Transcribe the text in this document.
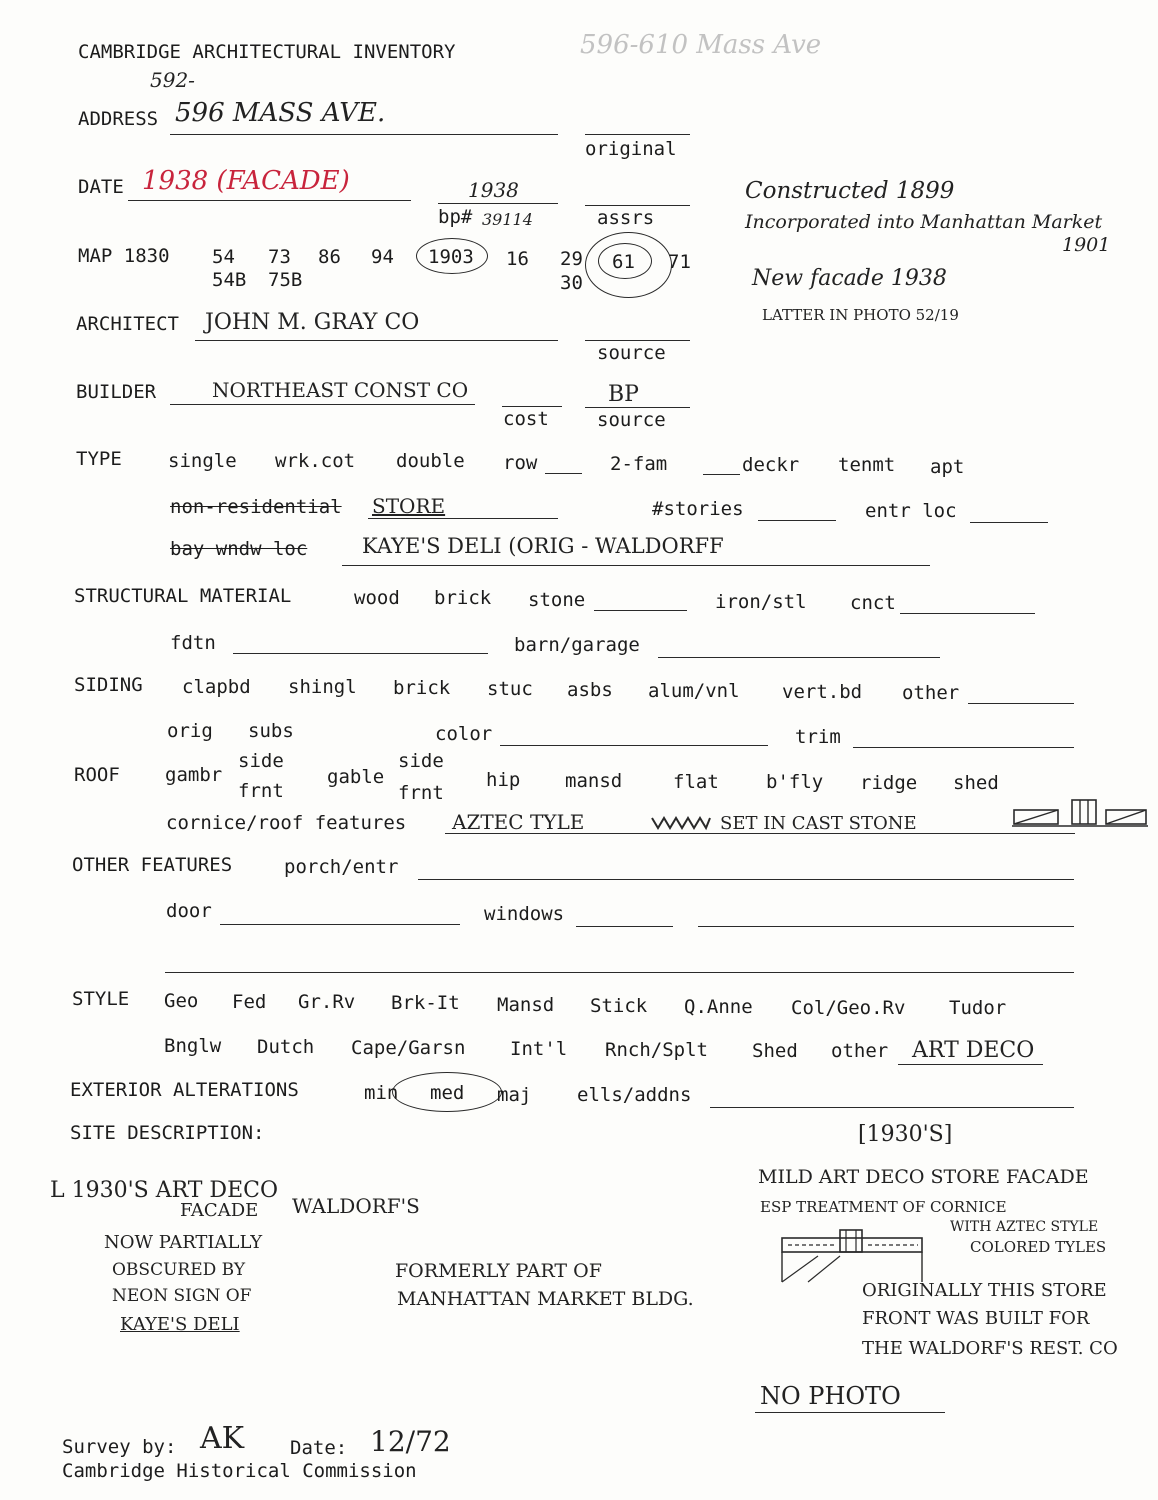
CAMBRIDGE ARCHITECTURAL INVENTORY	596-610 Mass Ave
592-
ADDRESS 596 MASS AVE.
original
DATE 1938 (FACADE)	1938
bp# 39114	assrs
Constructed 1899
Incorporated into Manhattan Market
1901
New facade 1938
LATTER IN PHOTO 52/19
MAP 1830 54 73 86 94 1903 16 29 61 71
54B 75B	30
ARCHITECT JOHN M. GRAY CO
source
BUILDER	NORTHEAST CONST CO
cost
BP
source
TYPE single wrk.cot double row	2-fam	deckr tenmt apt
non-residential STORE	#stories	entr loc
bay wndw loc	KAYE'S DELI (ORIG - WALDORFF
STRUCTURAL MATERIAL	wood brick stone	iron/stl cnct
fdtn	barn/garage
SIDING clapbd shingl brick stuc asbs alum/vnl vert.bd other
orig subs	color	trim
ROOF
side
gambr
frnt
side
gable
frnt
hip mansd	flat b'fly ridge shed
cornice/roof features AZTEC TYLE	SET IN CAST STONE
OTHER FEATURES	porch/entr
door	windows
STYLE Geo Fed Gr.Rv Brk-It Mansd Stick Q.Anne Col/Geo.Rv Tudor
Bnglw Dutch Cape/Garsn Int'l Rnch/Splt Shed other ART DECO
EXTERIOR ALTERATIONS	min med maj ells/addns
SITE DESCRIPTION:
L 1930'S ART DECO
FACADE WALDORF'S
NOW PARTIALLY
OBSCURED BY
NEON SIGN OF
KAYE'S DELI
FORMERLY PART OF
MANHATTAN MARKET BLDG.
[1930'S]
MILD ART DECO STORE FACADE
ESP TREATMENT OF CORNICE
WITH AZTEC STYLE
COLORED TYLES
ORIGINALLY THIS STORE
FRONT WAS BUILT FOR
THE WALDORF'S REST. CO
NO PHOTO
Survey by: AK Date: 12/72
Cambridge Historical Commission
